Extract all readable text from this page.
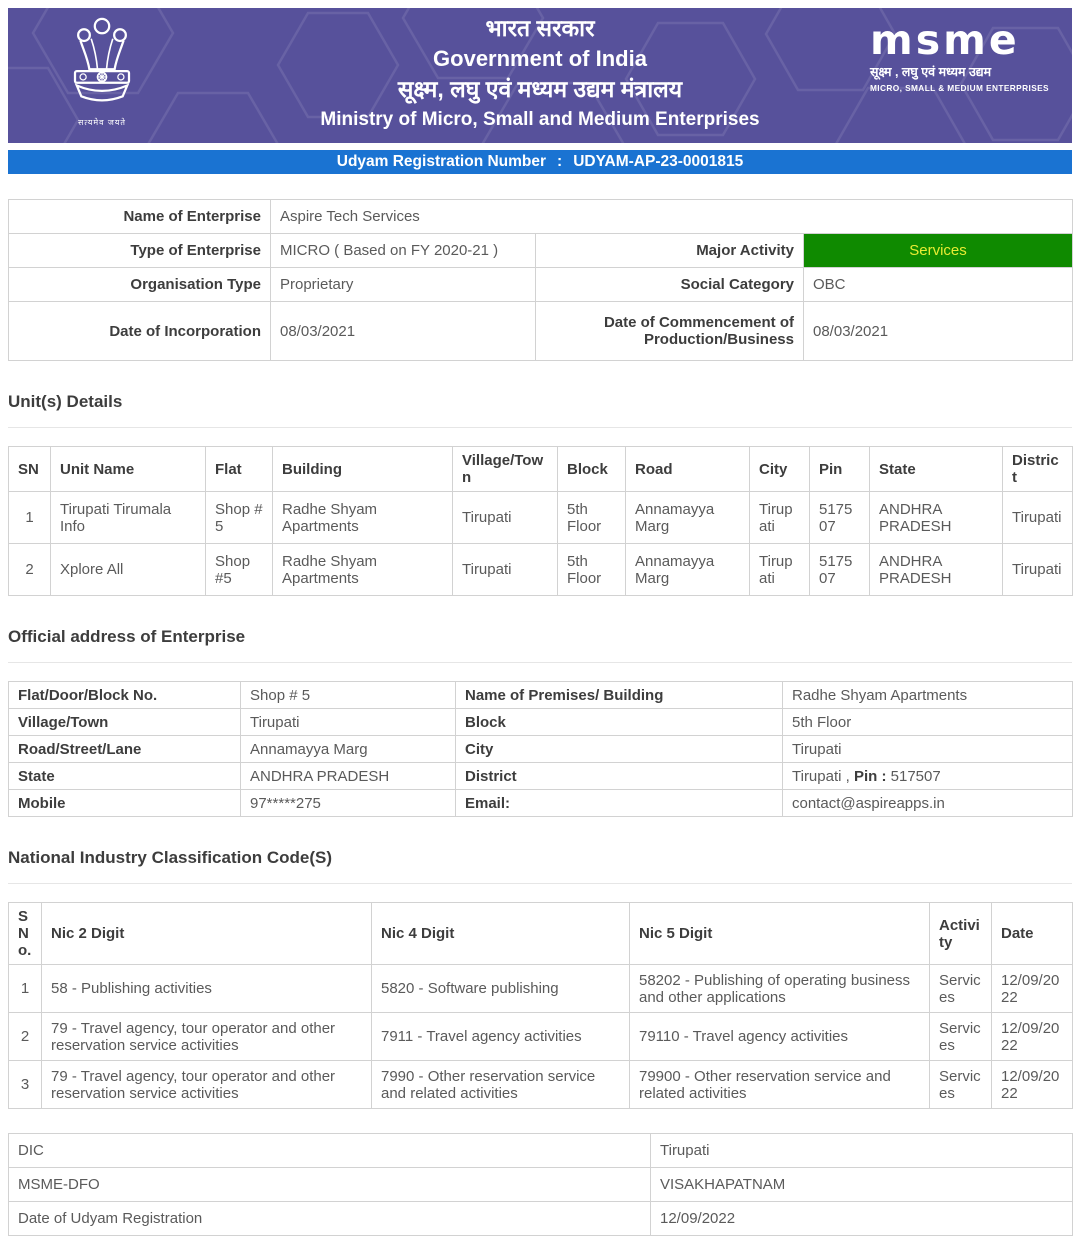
सत्यमेव जयते
भारत सरकार
Government of India
सूक्ष्म, लघु एवं मध्यम उद्यम मंत्रालय
Ministry of Micro, Small and Medium Enterprises
msme
सूक्ष्म , लघु एवं मध्यम उद्यम
MICRO, SMALL & MEDIUM ENTERPRISES
Udyam Registration Number : UDYAM-AP-23-0001815
Name of Enterprise	Aspire Tech Services		
Type of Enterprise	MICRO ( Based on FY 2020-21 )	Major Activity	Services
Organisation Type	Proprietary	Social Category	OBC
Date of Incorporation	08/03/2021	Date of Commencement of Production/Business	08/03/2021
Unit(s) Details
SN	Unit Name	Flat	Building	Village/Town	Block	Road	City	Pin	State	District
1	Tirupati Tirumala Info	Shop # 5	Radhe Shyam Apartments	Tirupati	5th Floor	Annamayya Marg	Tirupati	517507	ANDHRA PRADESH	Tirupati
2	Xplore All	Shop #5	Radhe Shyam Apartments	Tirupati	5th Floor	Annamayya Marg	Tirupati	517507	ANDHRA PRADESH	Tirupati
Official address of Enterprise
Flat/Door/Block No.	Shop # 5	Name of Premises/ Building	Radhe Shyam Apartments
Village/Town	Tirupati	Block	5th Floor
Road/Street/Lane	Annamayya Marg	City	Tirupati
State	ANDHRA PRADESH	District	Tirupati , Pin : 517507
Mobile	97*****275	Email:	contact@aspireapps.in
National Industry Classification Code(S)
SNo.	Nic 2 Digit	Nic 4 Digit	Nic 5 Digit	Activity	Date
1	58 - Publishing activities	5820 - Software publishing	58202 - Publishing of operating business and other applications	Services	12/09/2022
2	79 - Travel agency, tour operator and other reservation service activities	7911 - Travel agency activities	79110 - Travel agency activities	Services	12/09/2022
3	79 - Travel agency, tour operator and other reservation service activities	7990 - Other reservation service and related activities	79900 - Other reservation service and related activities	Services	12/09/2022
DIC	Tirupati
MSME-DFO	VISAKHAPATNAM
Date of Udyam Registration	12/09/2022
